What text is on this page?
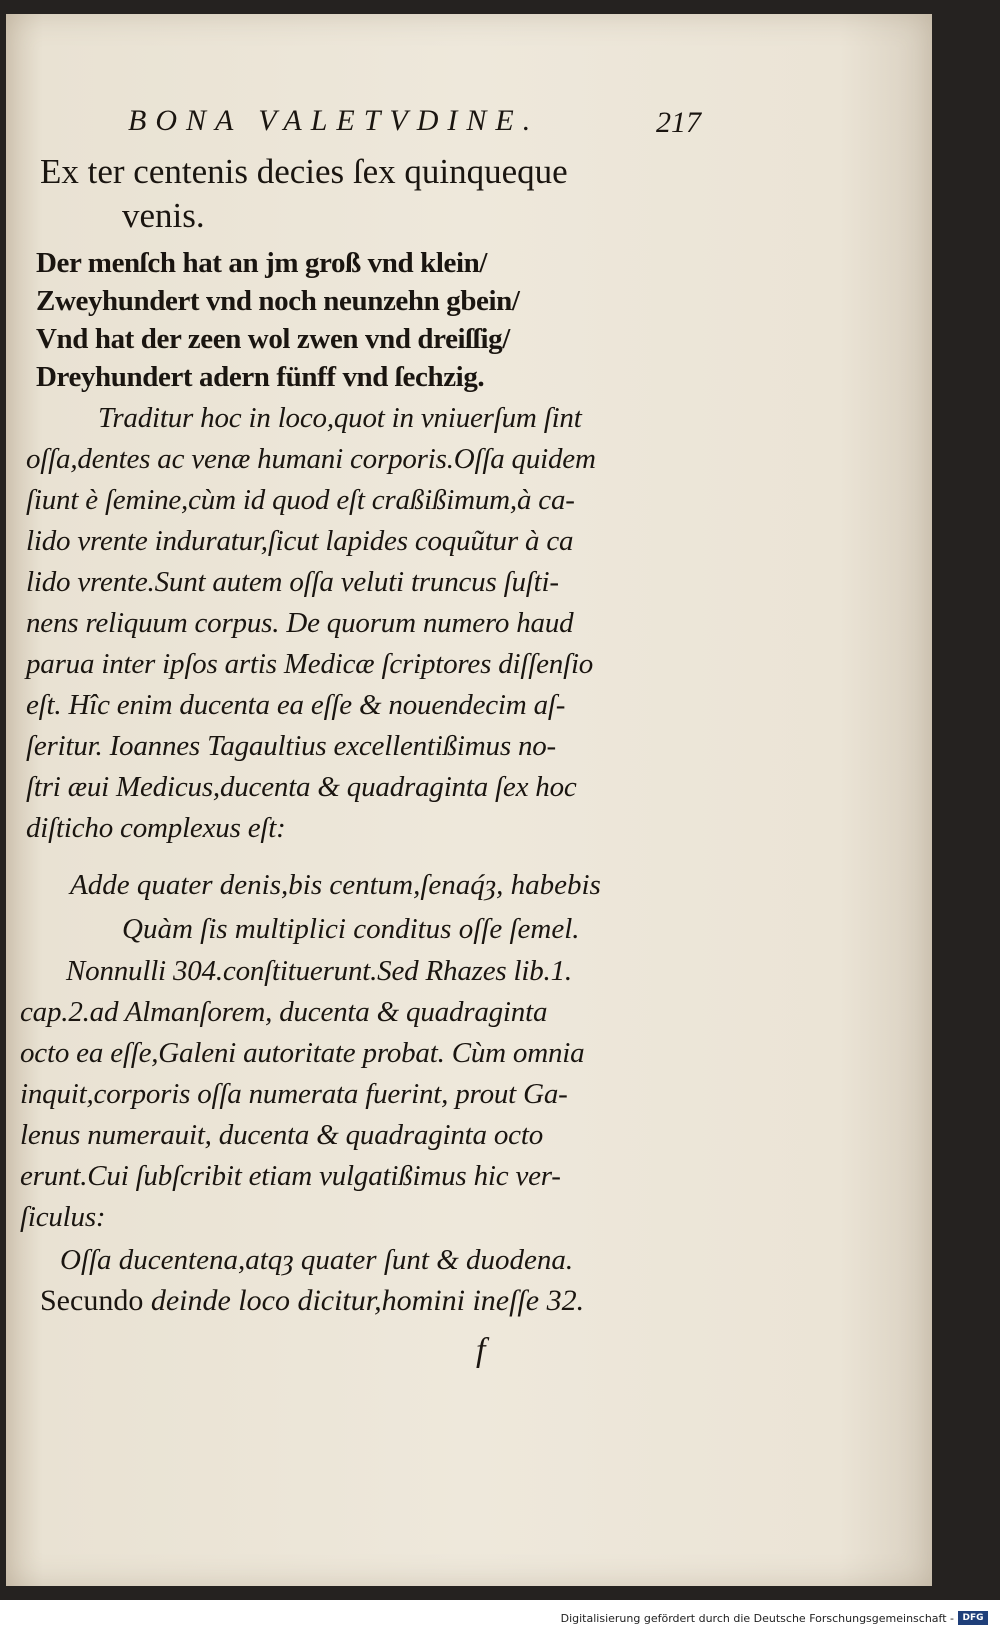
BONA VALETVDINE.	217
Ex ter centenis decies ſex quinqueque
venis.
Der menſch hat an jm groß vnd klein/
Zweyhundert vnd noch neunzehn gbein/
Vnd hat der zeen wol zwen vnd dreiſſig/
Dreyhundert adern fünff vnd ſechzig.
Traditur hoc in loco,quot in vniuerſum ſint
oſſa,dentes ac venæ humani corporis.Oſſa quidem
ſiunt è ſemine,cùm id quod eſt craßißimum,à ca-
lido vrente induratur,ſicut lapides coquũtur à ca
lido vrente.Sunt autem oſſa veluti truncus ſuſti-
nens reliquum corpus. De quorum numero haud
parua inter ipſos artis Medicæ ſcriptores diſſenſio
eſt. Hîc enim ducenta ea eſſe & nouendecim aſ-
ſeritur. Ioannes Tagaultius excellentißimus no-
ſtri æui Medicus,ducenta & quadraginta ſex hoc
diſticho complexus eſt:
Adde quater denis,bis centum,ſenaq́ȝ, habebis
Quàm ſis multiplici conditus oſſe ſemel.
Nonnulli 304.conſtituerunt.Sed Rhazes lib.1.
cap.2.ad Almanſorem, ducenta & quadraginta
octo ea eſſe,Galeni autoritate probat. Cùm omnia
inquit,corporis oſſa numerata fuerint, prout Ga-
lenus numerauit, ducenta & quadraginta octo
erunt.Cui ſubſcribit etiam vulgatißimus hic ver-
ſiculus:
Oſſa ducentena,atqȝ quater ſunt & duodena.
Secundo deinde loco dicitur,homini ineſſe 32.
f
Digitalisierung gefördert durch die Deutsche Forschungsgemeinschaft - DFG
